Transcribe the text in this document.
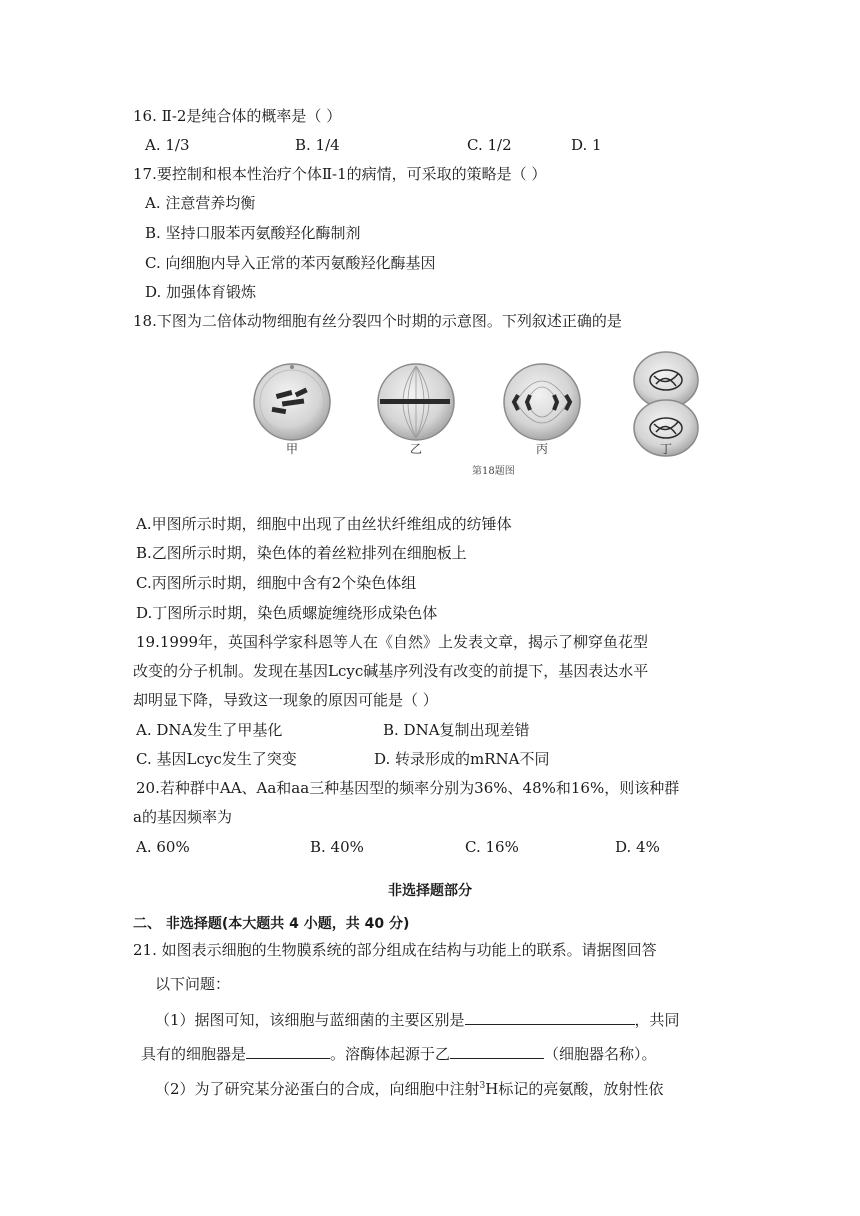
16. Ⅱ-2是纯合体的概率是（ ）
A. 1/3	B. 1/4	C. 1/2	D. 1
17.要控制和根本性治疗个体Ⅱ-1的病情，可采取的策略是（ ）
A. 注意营养均衡
B. 坚持口服苯丙氨酸羟化酶制剂
C. 向细胞内导入正常的苯丙氨酸羟化酶基因
D. 加强体育锻炼
18.下图为二倍体动物细胞有丝分裂四个时期的示意图。下列叙述正确的是
甲	乙	丙	丁
第18题图
A.甲图所示时期，细胞中出现了由丝状纤维组成的纺锤体
B.乙图所示时期，染色体的着丝粒排列在细胞板上
C.丙图所示时期，细胞中含有2个染色体组
D.丁图所示时期，染色质螺旋缠绕形成染色体
19.1999年，英国科学家科恩等人在《自然》上发表文章，揭示了柳穿鱼花型
改变的分子机制。发现在基因Lcyc碱基序列没有改变的前提下，基因表达水平
却明显下降，导致这一现象的原因可能是（ ）
A. DNA发生了甲基化	B. DNA复制出现差错
C. 基因Lcyc发生了突变	D. 转录形成的mRNA不同
20.若种群中AA、Aa和aa三种基因型的频率分别为36%、48%和16%，则该种群
a的基因频率为
A. 60%	B. 40%	C. 16%	D. 4%
非选择题部分
二、 非选择题(本大题共 4 小题，共 40 分)
21. 如图表示细胞的生物膜系统的部分组成在结构与功能上的联系。请据图回答
以下问题：
（1）据图可知，该细胞与蓝细菌的主要区别是	，共同
具有的细胞器是	。溶酶体起源于乙	（细胞器名称）。
（2）为了研究某分泌蛋白的合成，向细胞中注射$^3$H标记的亮氨酸，放射性依
